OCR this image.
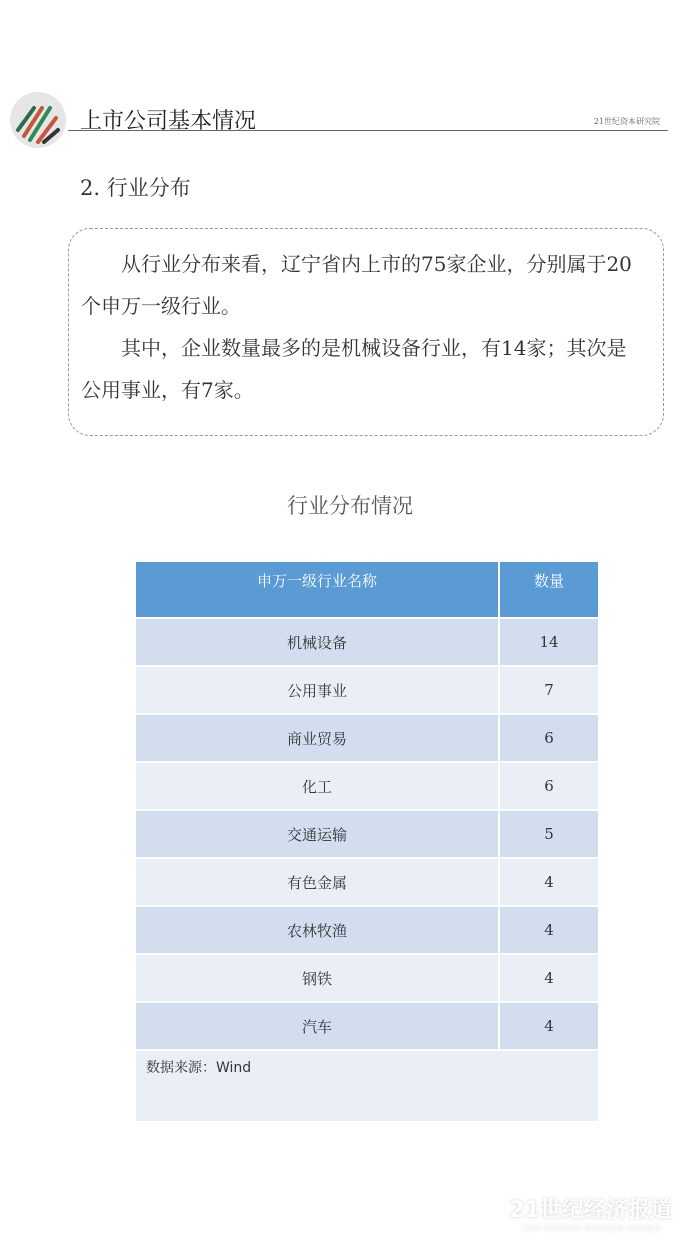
上市公司基本情况	21世纪资本研究院
2. 行业分布

从行业分布来看，辽宁省内上市的75家企业，分别属于20个申万一级行业。

其中，企业数量最多的是机械设备行业，有14家；其次是公用事业，有7家。

行业分布情况
申万一级行业名称	数量
机械设备	14
公用事业	7
商业贸易	6
化工	6
交通运输	5
有色金属	4
农林牧渔	4
钢铁	4
汽车	4
数据来源：Wind	
21世纪经济报道
21ST CENTURY BUSINESS HERALD
